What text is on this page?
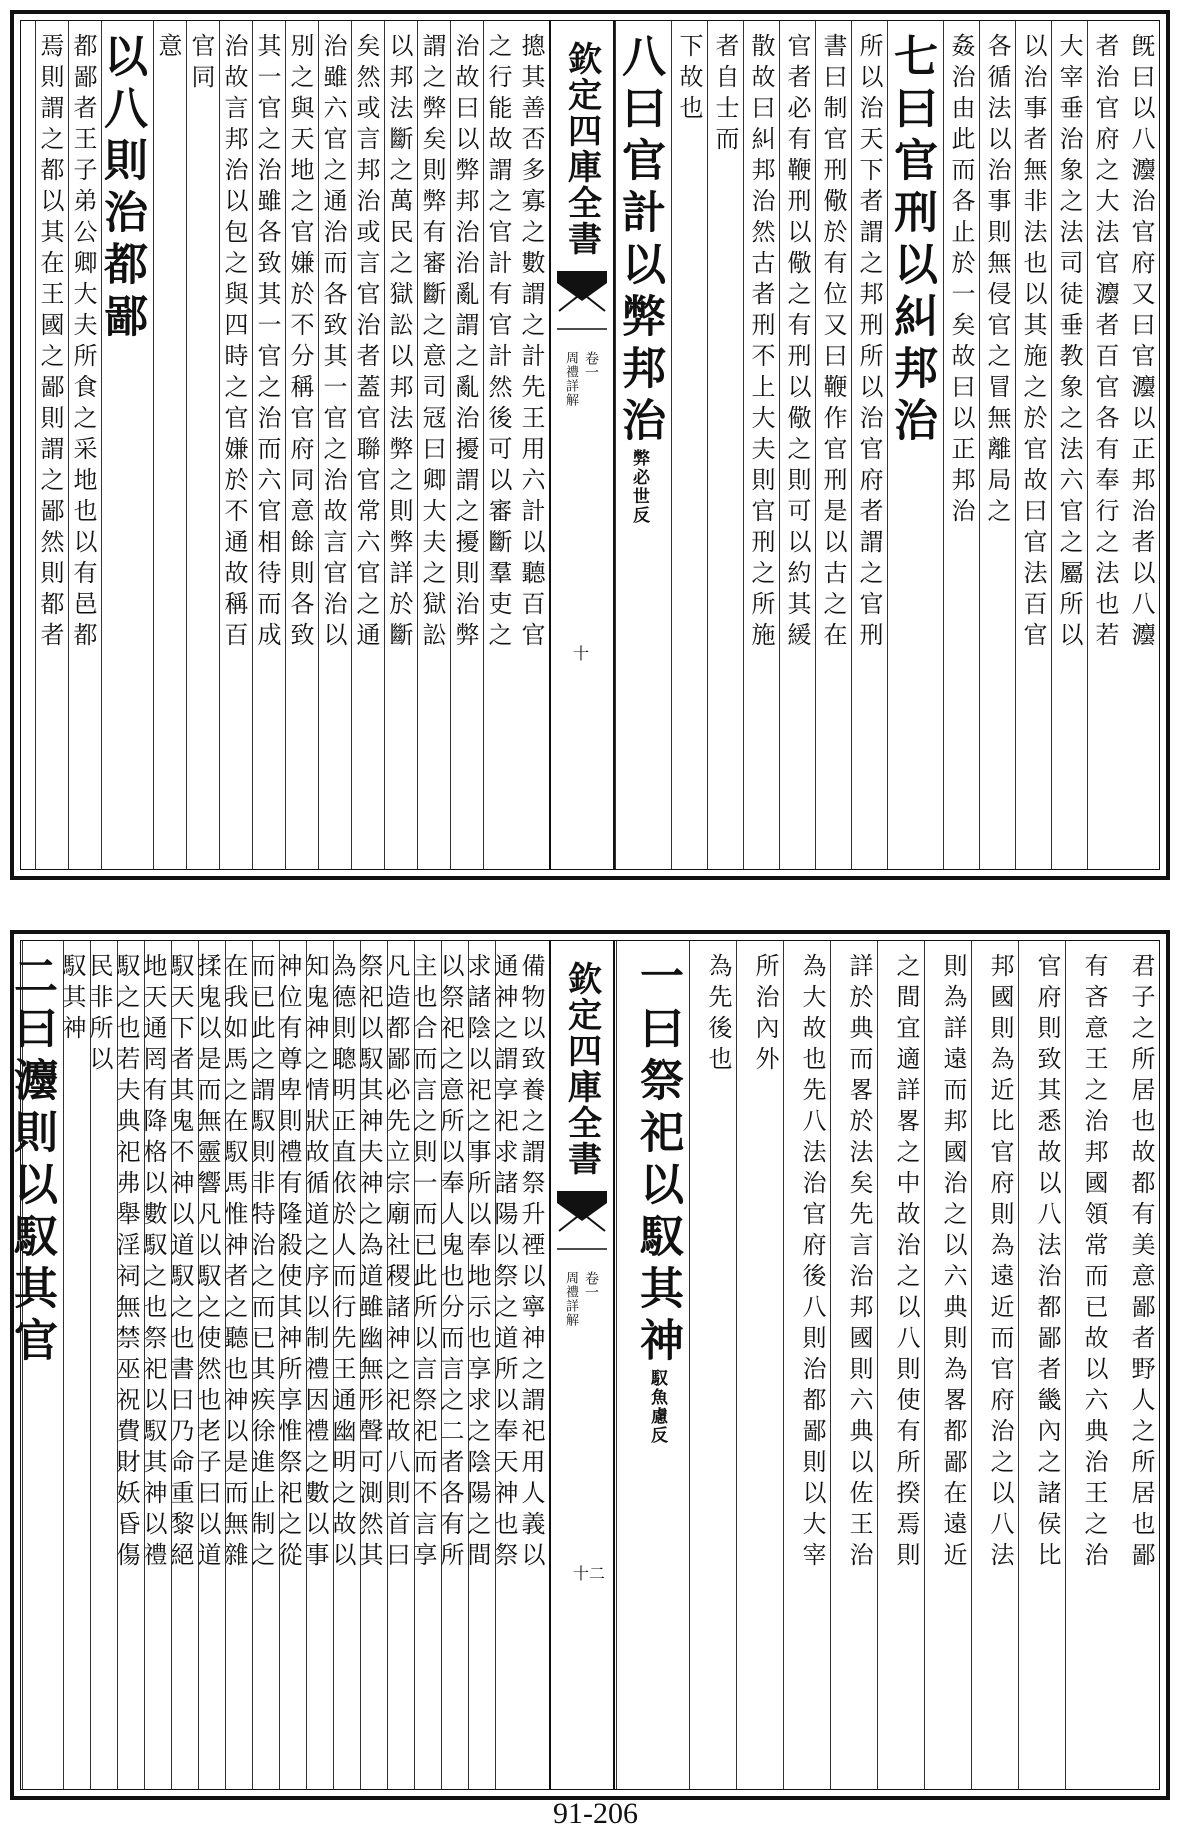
欽定四庫全書
卷一
周禮詳解
十
旣曰以八灋治官府又曰官灋以正邦治者以八灋
者治官府之大法官灋者百官各有奉行之法也若
大宰垂治象之法司徒垂教象之法六官之屬所以
以治事者無非法也以其施之於官故曰官法百官
各循法以治事則無侵官之冒無離局之
姦治由此而各止於一矣故曰以正邦治
七曰官刑以糾邦治
所以治天下者謂之邦刑所以治官府者謂之官刑
書曰制官刑儆於有位又曰鞭作官刑是以古之在
官者必有鞭刑以儆之有刑以儆之則可以約其緩
散故曰糾邦治然古者刑不上大夫則官刑之所施
者自士而
下故也
八曰官計以弊邦治弊必世反
摠其善否多寡之數謂之計先王用六計以聽百官
之行能故謂之官計有官計然後可以審斷羣吏之
治故曰以弊邦治治亂謂之亂治擾謂之擾則治弊
謂之弊矣則弊有審斷之意司冦曰卿大夫之獄訟
以邦法斷之萬民之獄訟以邦法弊之則弊詳於斷
矣然或言邦治或言官治者蓋官聯官常六官之通
治雖六官之通治而各致其一官之治故言官治以
別之與天地之官嫌於不分稱官府同意餘則各致
其一官之治雖各致其一官之治而六官相待而成
治故言邦治以包之與四時之官嫌於不通故稱百
官同
意
以八則治都鄙
都鄙者王子弟公卿大夫所食之采地也以有邑都
焉則謂之都以其在王國之鄙則謂之鄙然則都者
欽定四庫全書
卷一
周禮詳解
十二
君子之所居也故都有美意鄙者野人之所居也鄙
有吝意王之治邦國領常而已故以六典治王之治
官府則致其悉故以八法治都鄙者畿內之諸侯比
邦國則為近比官府則為遠近而官府治之以八法
則為詳遠而邦國治之以六典則為畧都鄙在遠近
之間宜適詳畧之中故治之以八則使有所揆焉則
詳於典而畧於法矣先言治邦國則六典以佐王治
為大故也先八法治官府後八則治都鄙則以大宰
所治內外
為先後也
一曰祭祀以馭其神馭魚慮反
備物以致養之謂祭升禋以寧神之謂祀用人義以
通神之謂享祀求諸陽以祭之道所以奉天神也祭
求諸陰以祀之事所以奉地示也享求之陰陽之間
以祭祀之意所以奉人鬼也分而言之二者各有所
主也合而言之則一而已此所以言祭祀而不言享
凡造都鄙必先立宗廟社稷諸神之祀故八則首曰
祭祀以馭其神夫神之為道雖幽無形聲可測然其
為德則聰明正直依於人而行先王通幽明之故以
知鬼神之情狀故循道之序以制禮因禮之數以事
神位有尊卑則禮有隆殺使其神所享惟祭祀之從
而已此之謂馭則非特治之而已其疾徐進止制之
在我如馬之在馭馬惟神者之聽也神以是而無雜
揉鬼以是而無靈響凡以馭之使然也老子曰以道
馭天下者其鬼不神以道馭之也書曰乃命重黎絕
地天通罔有降格以數馭之也祭祀以馭其神以禮
馭之也若夫典祀弗舉淫祠無禁巫祝費財妖昏傷
民非所以
馭其神
二曰灋則以馭其官
91-206
